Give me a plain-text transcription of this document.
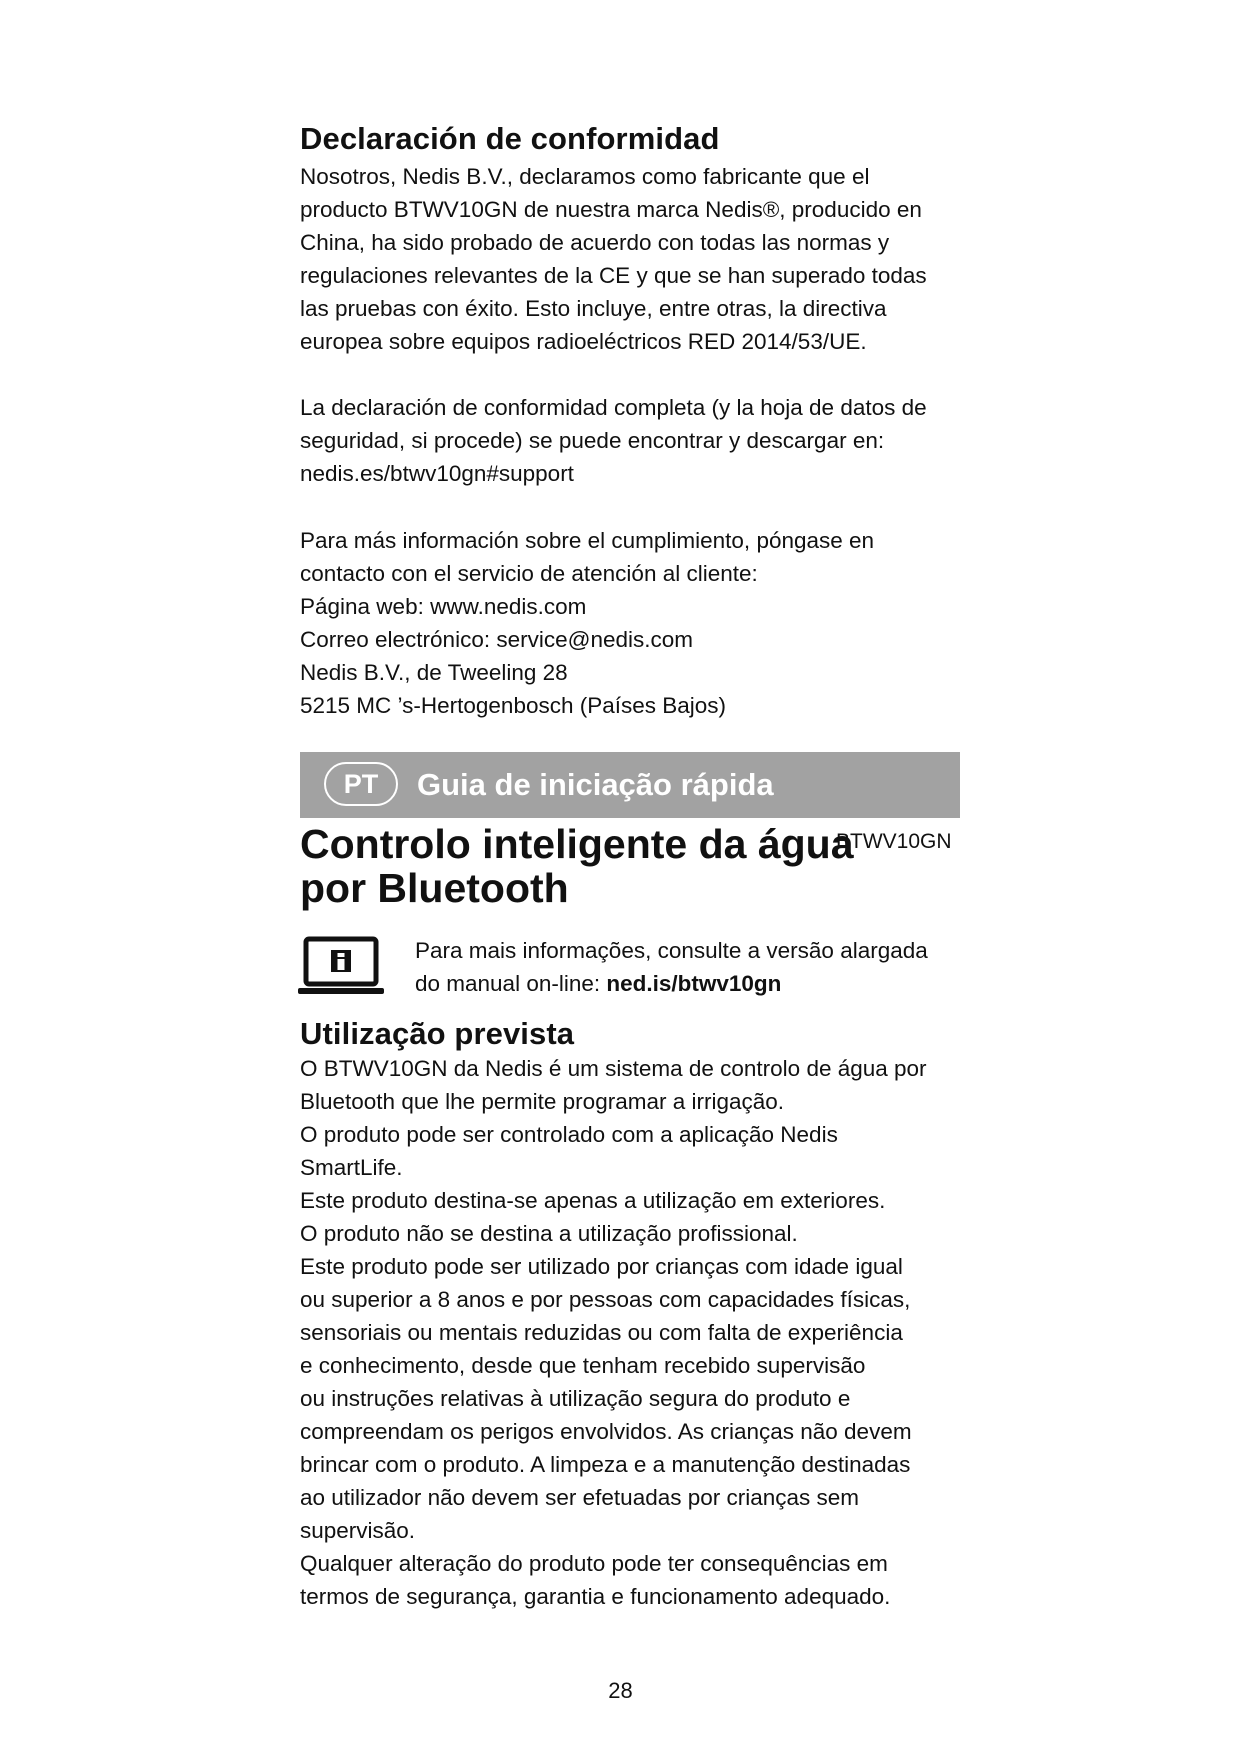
Declaración de conformidad

Nosotros, Nedis B.V., declaramos como fabricante que el
producto BTWV10GN de nuestra marca Nedis®, producido en
China, ha sido probado de acuerdo con todas las normas y
regulaciones relevantes de la CE y que se han superado todas
las pruebas con éxito. Esto incluye, entre otras, la directiva
europea sobre equipos radioeléctricos RED 2014/53/UE.

La declaración de conformidad completa (y la hoja de datos de
seguridad, si procede) se puede encontrar y descargar en:
nedis.es/btwv10gn#support

Para más información sobre el cumplimiento, póngase en
contacto con el servicio de atención al cliente:
Página web: www.nedis.com
Correo electrónico: service@nedis.com
Nedis B.V., de Tweeling 28
5215 MC ’s-Hertogenbosch (Países Bajos)

PT	Guia de iniciação rápida
Controlo inteligente da água
por Bluetooth
BTWV10GN

Para mais informações, consulte a versão alargada
do manual on-line: ned.is/btwv10gn

Utilização prevista

O BTWV10GN da Nedis é um sistema de controlo de água por
Bluetooth que lhe permite programar a irrigação.
O produto pode ser controlado com a aplicação Nedis
SmartLife.
Este produto destina-se apenas a utilização em exteriores.
O produto não se destina a utilização profissional.
Este produto pode ser utilizado por crianças com idade igual
ou superior a 8 anos e por pessoas com capacidades físicas,
sensoriais ou mentais reduzidas ou com falta de experiência
e conhecimento, desde que tenham recebido supervisão
ou instruções relativas à utilização segura do produto e
compreendam os perigos envolvidos. As crianças não devem
brincar com o produto. A limpeza e a manutenção destinadas
ao utilizador não devem ser efetuadas por crianças sem
supervisão.
Qualquer alteração do produto pode ter consequências em
termos de segurança, garantia e funcionamento adequado.

28
